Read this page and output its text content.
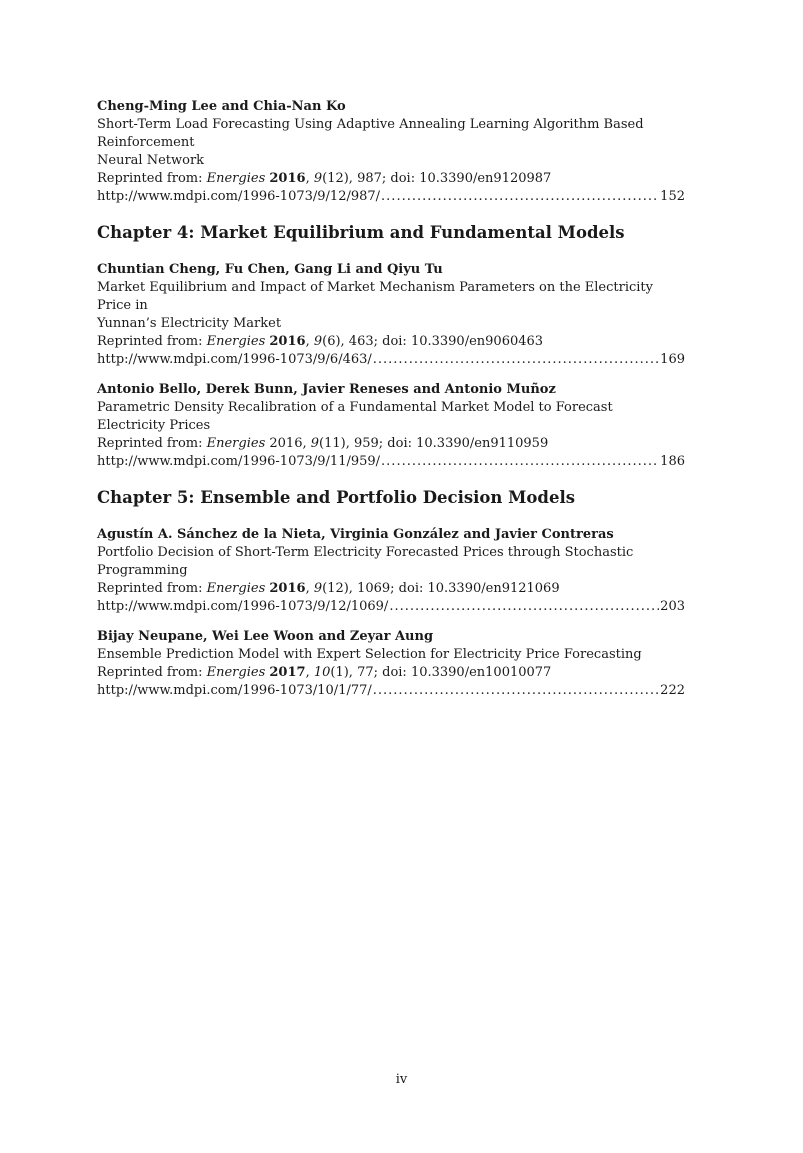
Cheng-Ming Lee and Chia-Nan Ko
Short-Term Load Forecasting Using Adaptive Annealing Learning Algorithm Based Reinforcement
Neural Network
Reprinted from: Energies 2016, 9(12), 987; doi: 10.3390/en9120987
http://www.mdpi.com/1996-1073/9/12/987/ .....	152
Chapter 4: Market Equilibrium and Fundamental Models
Chuntian Cheng, Fu Chen, Gang Li and Qiyu Tu
Market Equilibrium and Impact of Market Mechanism Parameters on the Electricity Price in
Yunnan’s Electricity Market
Reprinted from: Energies 2016, 9(6), 463; doi: 10.3390/en9060463
http://www.mdpi.com/1996-1073/9/6/463/ .....	169
Antonio Bello, Derek Bunn, Javier Reneses and Antonio Muñoz
Parametric Density Recalibration of a Fundamental Market Model to Forecast Electricity Prices
Reprinted from: Energies 2016, 9(11), 959; doi: 10.3390/en9110959
http://www.mdpi.com/1996-1073/9/11/959/ .....	186
Chapter 5: Ensemble and Portfolio Decision Models
Agustín A. Sánchez de la Nieta, Virginia González and Javier Contreras
Portfolio Decision of Short-Term Electricity Forecasted Prices through Stochastic Programming
Reprinted from: Energies 2016, 9(12), 1069; doi: 10.3390/en9121069
http://www.mdpi.com/1996-1073/9/12/1069/ .....	203
Bijay Neupane, Wei Lee Woon and Zeyar Aung
Ensemble Prediction Model with Expert Selection for Electricity Price Forecasting
Reprinted from: Energies 2017, 10(1), 77; doi: 10.3390/en10010077
http://www.mdpi.com/1996-1073/10/1/77/ .....	222
iv
